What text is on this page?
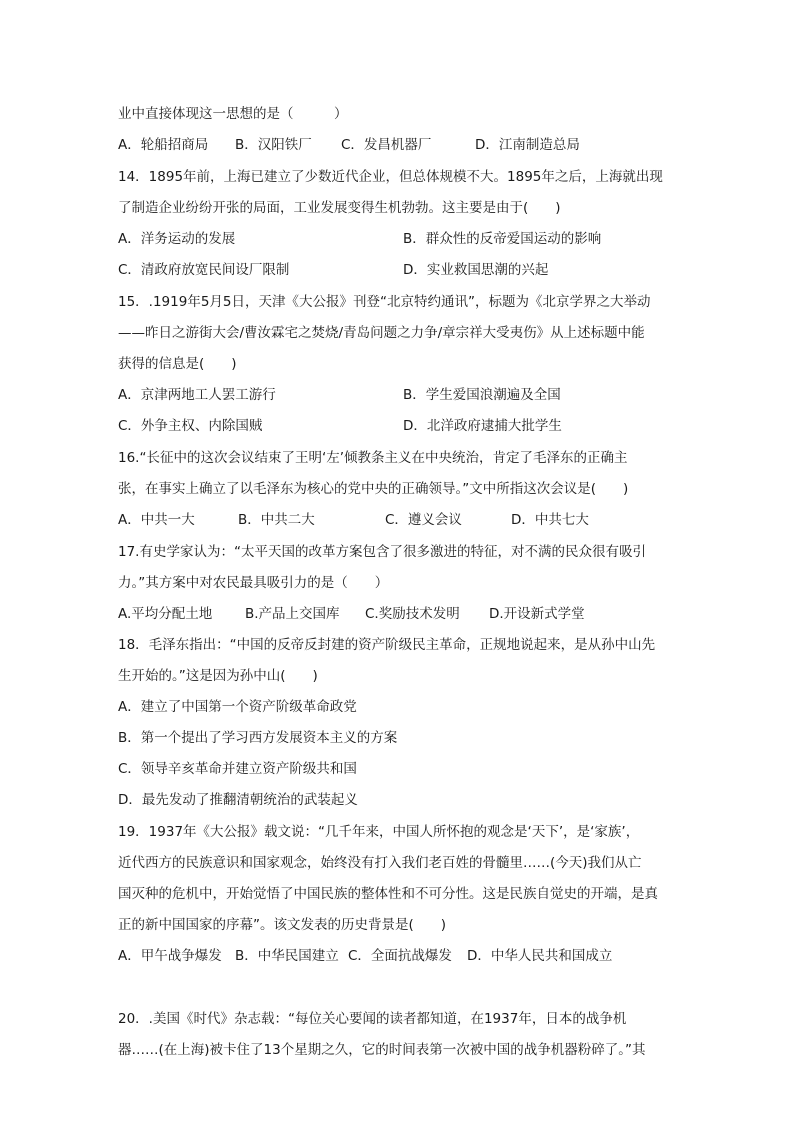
业中直接体现这一思想的是（　　　）
A．轮船招商局 B．汉阳铁厂 C．发昌机器厂	D．江南制造总局
14．1895年前，上海已建立了少数近代企业，但总体规模不大。1895年之后，上海就出现
了制造企业纷纷开张的局面，工业发展变得生机勃勃。这主要是由于(　　)
A．洋务运动的发展	B．群众性的反帝爱国运动的影响
C．清政府放宽民间设厂限制	D．实业救国思潮的兴起
15．.1919年5月5日，天津《大公报》刊登“北京特约通讯”，标题为《北京学界之大举动
——昨日之游街大会/曹汝霖宅之焚烧/青岛问题之力争/章宗祥大受夷伤》从上述标题中能
获得的信息是(　　)
A．京津两地工人罢工游行	B．学生爱国浪潮遍及全国
C．外争主权、内除国贼	D．北洋政府逮捕大批学生
16.“长征中的这次会议结束了王明‘左’倾教条主义在中央统治，肯定了毛泽东的正确主
张，在事实上确立了以毛泽东为核心的党中央的正确领导。”文中所指这次会议是(　　)
A．中共一大	B．中共二大	C．遵义会议	D．中共七大
17.有史学家认为：“太平天国的改革方案包含了很多激进的特征，对不满的民众很有吸引
力。”其方案中对农民最具吸引力的是（　　）
A.平均分配土地 B.产品上交国库 C.奖励技术发明 D.开设新式学堂
18．毛泽东指出：“中国的反帝反封建的资产阶级民主革命，正规地说起来，是从孙中山先
生开始的。”这是因为孙中山(　　)
A．建立了中国第一个资产阶级革命政党
B．第一个提出了学习西方发展资本主义的方案
C．领导辛亥革命并建立资产阶级共和国
D．最先发动了推翻清朝统治的武装起义
19．1937年《大公报》载文说：“几千年来，中国人所怀抱的观念是‘天下’，是‘家族’，
近代西方的民族意识和国家观念，始终没有打入我们老百姓的骨髓里……(今天)我们从亡
国灭种的危机中，开始觉悟了中国民族的整体性和不可分性。这是民族自觉史的开端，是真
正的新中国国家的序幕”。该文发表的历史背景是(　　)
A．甲午战争爆发 B．中华民国建立 C．全面抗战爆发 D．中华人民共和国成立
20．.美国《时代》杂志载：“每位关心要闻的读者都知道，在1937年，日本的战争机
器……(在上海)被卡住了13个星期之久，它的时间表第一次被中国的战争机器粉碎了。”其
